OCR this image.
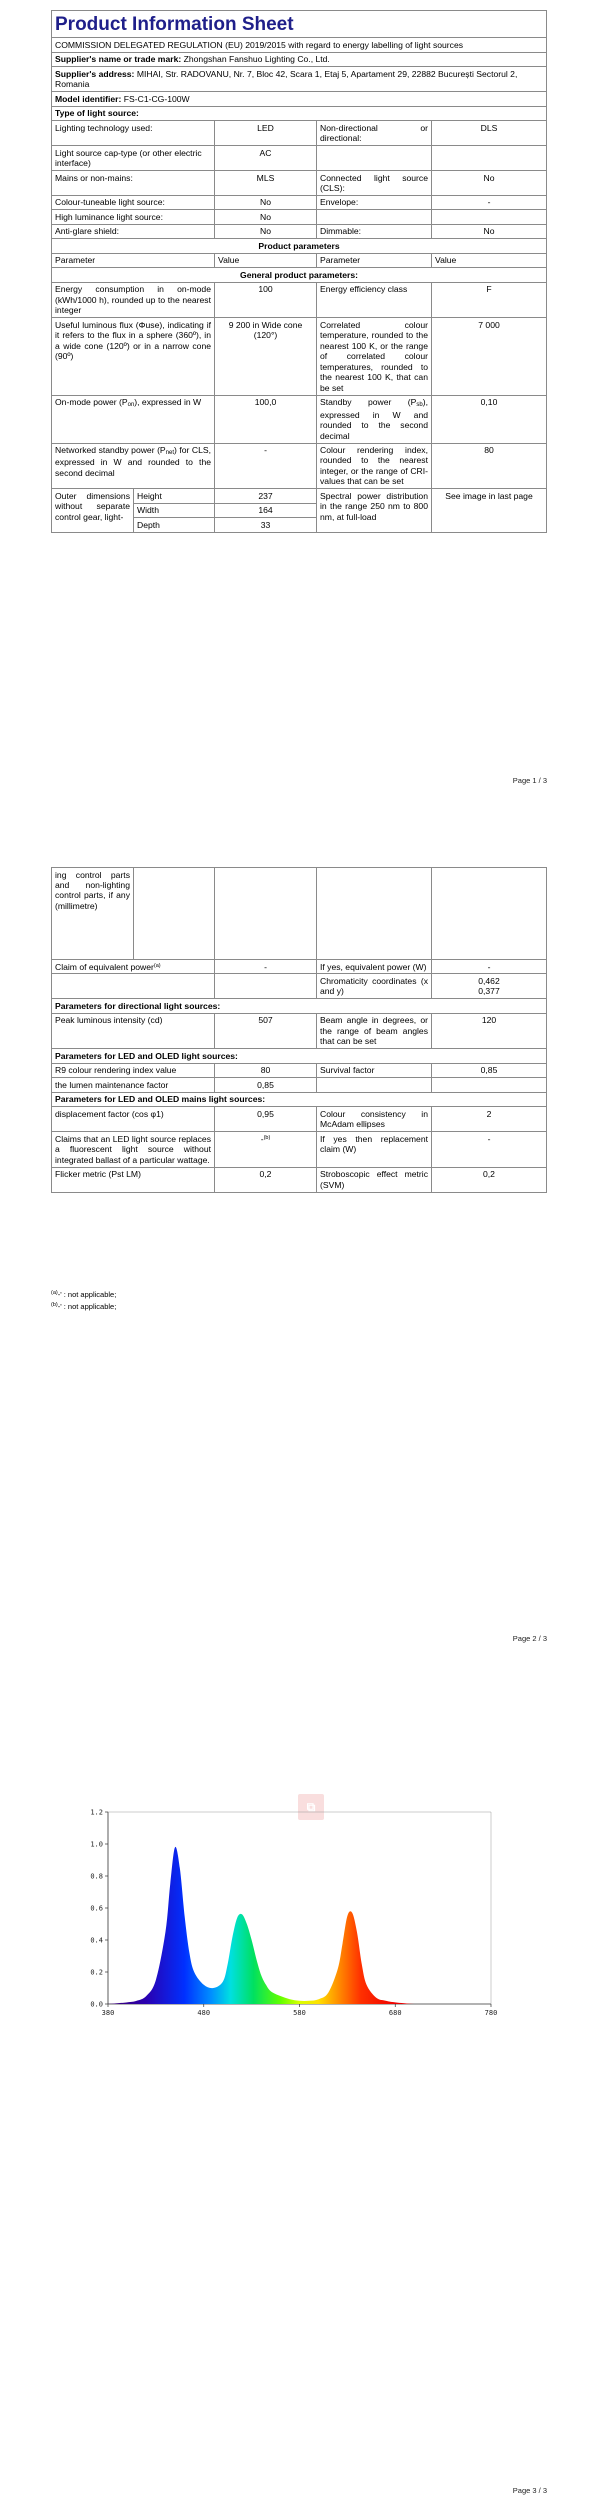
Product Information Sheet				
COMMISSION DELEGATED REGULATION (EU) 2019/2015 with regard to energy labelling of light sources				
Supplier's name or trade mark: Zhongshan Fanshuo Lighting Co., Ltd.				
Supplier's address: MIHAI, Str. RADOVANU, Nr. 7, Bloc 42, Scara 1, Etaj 5, Apartament 29, 22882 București Sectorul 2, Romania				
Model identifier: FS-C1-CG-100W				
Type of light source:				
Lighting technology used:		LED	Non-directional or directional:	DLS
Light source cap-type (or other electric interface)		AC		
Mains or non-mains:		MLS	Connected light source (CLS):	No
Colour-tuneable light source:		No	Envelope:	-
High luminance light source:		No		
Anti-glare shield:		No	Dimmable:	No
Product parameters				
Parameter		Value	Parameter	Value
General product parameters:				
Energy consumption in on-mode (kWh/1000 h), rounded up to the nearest integer		100	Energy efficiency class	F
Useful luminous flux (Φuse), indicating if it refers to the flux in a sphere (360º), in a wide cone (120º) or in a narrow cone (90º)		9 200 in Wide cone (120°)	Correlated colour temperature, rounded to the nearest 100 K, or the range of correlated colour temperatures, rounded to the nearest 100 K, that can be set	7 000
On-mode power $(P_{on})$, expressed in W		100,0	Standby power $(P_{sb})$, expressed in W and rounded to the second decimal	0,10
Networked standby power $(P_{net})$ for CLS, expressed in W and rounded to the second decimal		-	Colour rendering index, rounded to the nearest integer, or the range of CRI-values that can be set	80
Outer dimensions without separate control gear, light-	Height	237	Spectral power distribution in the range 250 nm to 800 nm, at full-load	See image in last page
	Width	164		
	Depth	33		
Page 1 / 3
ing control parts and non-lighting control parts, if any (millimetre)				
Claim of equivalent power$^{(a)}$		-	If yes, equivalent power (W)	-
			Chromaticity coordinates (x and y)	0,462
0,377

Parameters for directional light sources:				
Peak luminous intensity (cd)		507	Beam angle in degrees, or the range of beam angles that can be set	120
Parameters for LED and OLED light sources:				
R9 colour rendering index value		80	Survival factor	0,85
the lumen maintenance factor		0,85		
Parameters for LED and OLED mains light sources:				
displacement factor (cos φ1)		0,95	Colour consistency in McAdam ellipses	2
Claims that an LED light source replaces a fluorescent light source without integrated ballast of a particular wattage.		-$^{(b)}$	If yes then replacement claim (W)	-
Flicker metric (Pst LM)		0,2	Stroboscopic effect metric (SVM)	0,2
$^{(a)}$-' : not applicable;
$^{(b)}$-' : not applicable;
Page 2 / 3
Page 3 / 3
⧉
0.0
0.2
0.4
0.6
0.8
1.0
1.2
380	480	580	680	780
